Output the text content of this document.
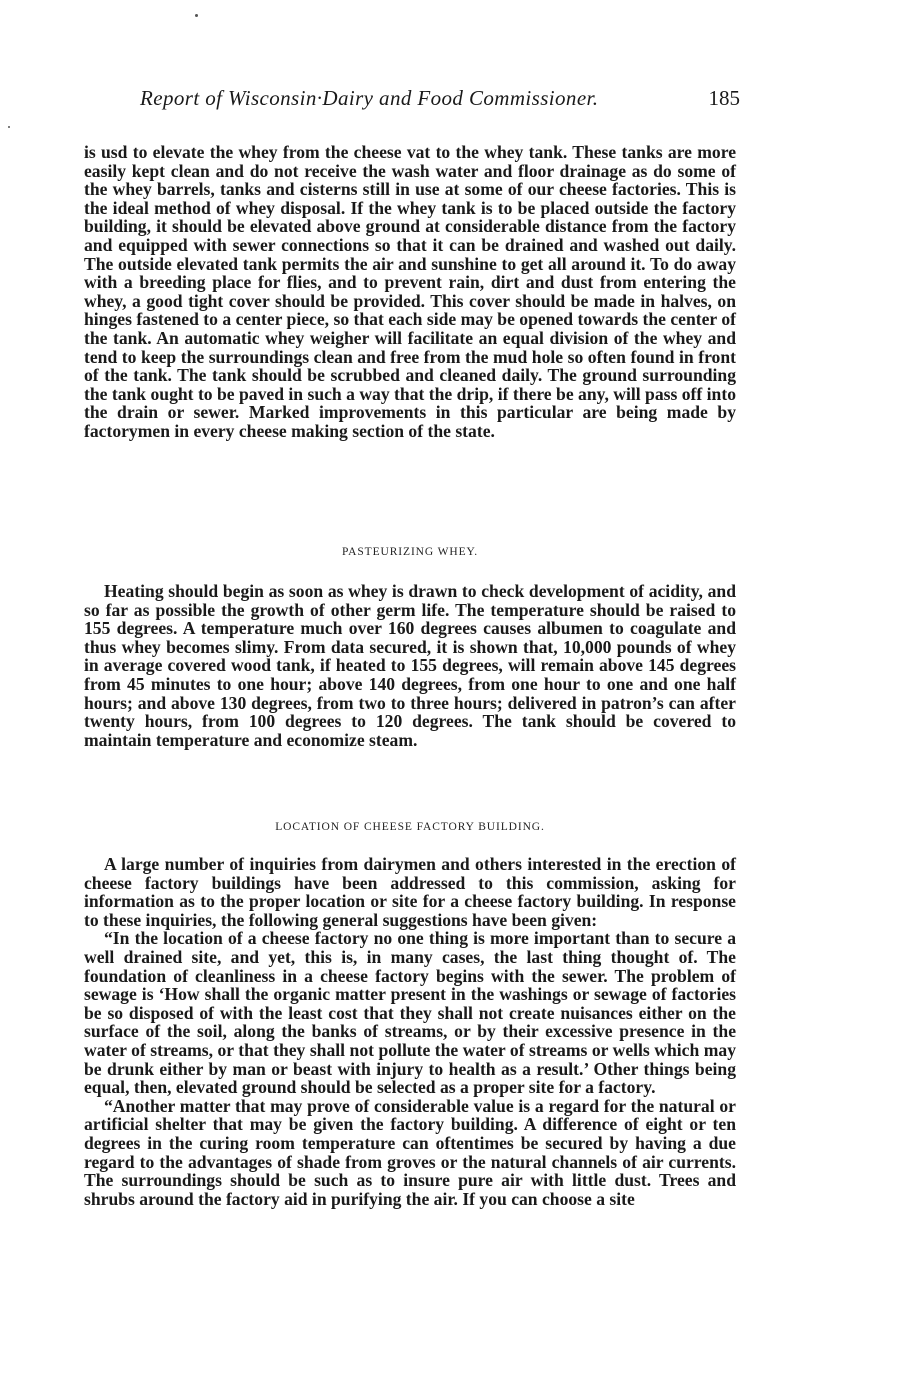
Report of Wisconsin·Dairy and Food Commissioner.	185

is usd to elevate the whey from the cheese vat to the whey tank. These tanks are more easily kept clean and do not receive the wash water and floor drainage as do some of the whey barrels, tanks and cisterns still in use at some of our cheese factories. This is the ideal method of whey disposal. If the whey tank is to be placed outside the factory building, it should be elevated above ground at considerable distance from the factory and equipped with sewer connections so that it can be drained and washed out daily. The outside elevated tank permits the air and sunshine to get all around it. To do away with a breeding place for flies, and to prevent rain, dirt and dust from entering the whey, a good tight cover should be provided. This cover should be made in halves, on hinges fastened to a center piece, so that each side may be opened towards the center of the tank. An automatic whey weigher will facilitate an equal division of the whey and tend to keep the surroundings clean and free from the mud hole so often found in front of the tank. The tank should be scrubbed and cleaned daily. The ground surrounding the tank ought to be paved in such a way that the drip, if there be any, will pass off into the drain or sewer. Marked improvements in this particular are being made by factorymen in every cheese making section of the state.

PASTEURIZING WHEY.

Heating should begin as soon as whey is drawn to check development of acidity, and so far as possible the growth of other germ life. The temperature should be raised to 155 degrees. A temperature much over 160 degrees causes albumen to coagulate and thus whey becomes slimy. From data secured, it is shown that, 10,000 pounds of whey in average covered wood tank, if heated to 155 degrees, will remain above 145 degrees from 45 minutes to one hour; above 140 degrees, from one hour to one and one half hours; and above 130 degrees, from two to three hours; delivered in patron’s can after twenty hours, from 100 degrees to 120 degrees. The tank should be covered to maintain temperature and economize steam.

LOCATION OF CHEESE FACTORY BUILDING.

A large number of inquiries from dairymen and others interested in the erection of cheese factory buildings have been addressed to this commission, asking for information as to the proper location or site for a cheese factory building. In response to these inquiries, the following general suggestions have been given:

“In the location of a cheese factory no one thing is more important than to secure a well drained site, and yet, this is, in many cases, the last thing thought of. The foundation of cleanliness in a cheese factory begins with the sewer. The problem of sewage is ‘How shall the organic matter present in the washings or sewage of factories be so disposed of with the least cost that they shall not create nuisances either on the surface of the soil, along the banks of streams, or by their excessive presence in the water of streams, or that they shall not pollute the water of streams or wells which may be drunk either by man or beast with injury to health as a result.’ Other things being equal, then, elevated ground should be selected as a proper site for a factory.

“Another matter that may prove of considerable value is a regard for the natural or artificial shelter that may be given the factory building. A difference of eight or ten degrees in the curing room temperature can oftentimes be secured by having a due regard to the advantages of shade from groves or the natural channels of air currents. The surroundings should be such as to insure pure air with little dust. Trees and shrubs around the factory aid in purifying the air. If you can choose a site
